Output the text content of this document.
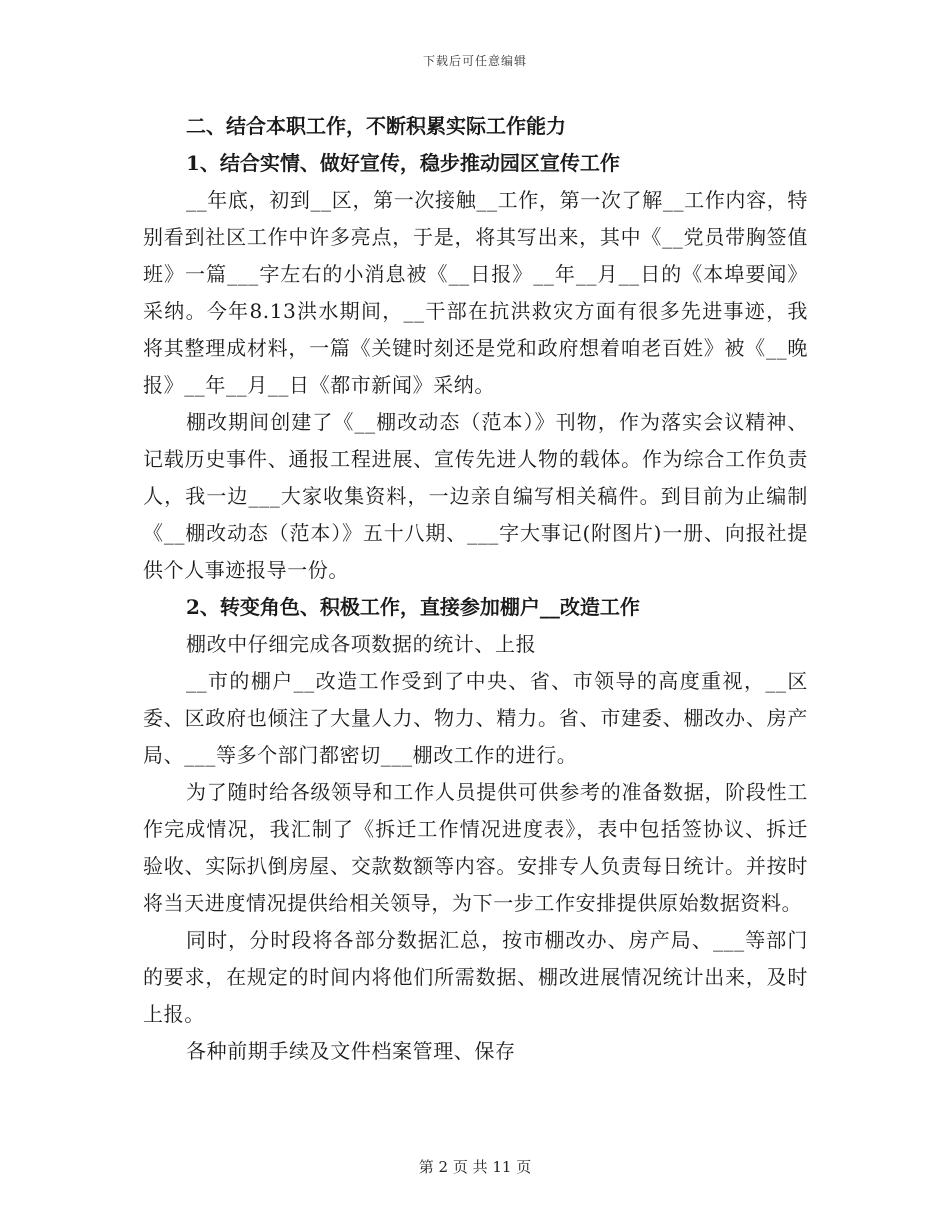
下载后可任意编辑

二、结合本职工作，不断积累实际工作能力

1、结合实情、做好宣传，稳步推动园区宣传工作

__年底，初到__区，第一次接触__工作，第一次了解__工作内容，特别看到社区工作中许多亮点，于是，将其写出来，其中《__党员带胸签值班》一篇___字左右的小消息被《__日报》__年__月__日的《本埠要闻》采纳。今年8.13洪水期间，__干部在抗洪救灾方面有很多先进事迹，我将其整理成材料，一篇《关键时刻还是党和政府想着咱老百姓》被《__晚报》__年__月__日《都市新闻》采纳。

棚改期间创建了《__棚改动态（范本）》刊物，作为落实会议精神、记载历史事件、通报工程进展、宣传先进人物的载体。作为综合工作负责人，我一边___大家收集资料，一边亲自编写相关稿件。到目前为止编制《__棚改动态（范本）》五十八期、___字大事记(附图片)一册、向报社提供个人事迹报导一份。

2、转变角色、积极工作，直接参加棚户__改造工作

棚改中仔细完成各项数据的统计、上报

__市的棚户__改造工作受到了中央、省、市领导的高度重视，__区委、区政府也倾注了大量人力、物力、精力。省、市建委、棚改办、房产局、___等多个部门都密切___棚改工作的进行。

为了随时给各级领导和工作人员提供可供参考的准备数据，阶段性工作完成情况，我汇制了《拆迁工作情况进度表》，表中包括签协议、拆迁验收、实际扒倒房屋、交款数额等内容。安排专人负责每日统计。并按时将当天进度情况提供给相关领导，为下一步工作安排提供原始数据资料。

同时，分时段将各部分数据汇总，按市棚改办、房产局、___等部门的要求，在规定的时间内将他们所需数据、棚改进展情况统计出来，及时上报。

各种前期手续及文件档案管理、保存

第 2 页 共 11 页
